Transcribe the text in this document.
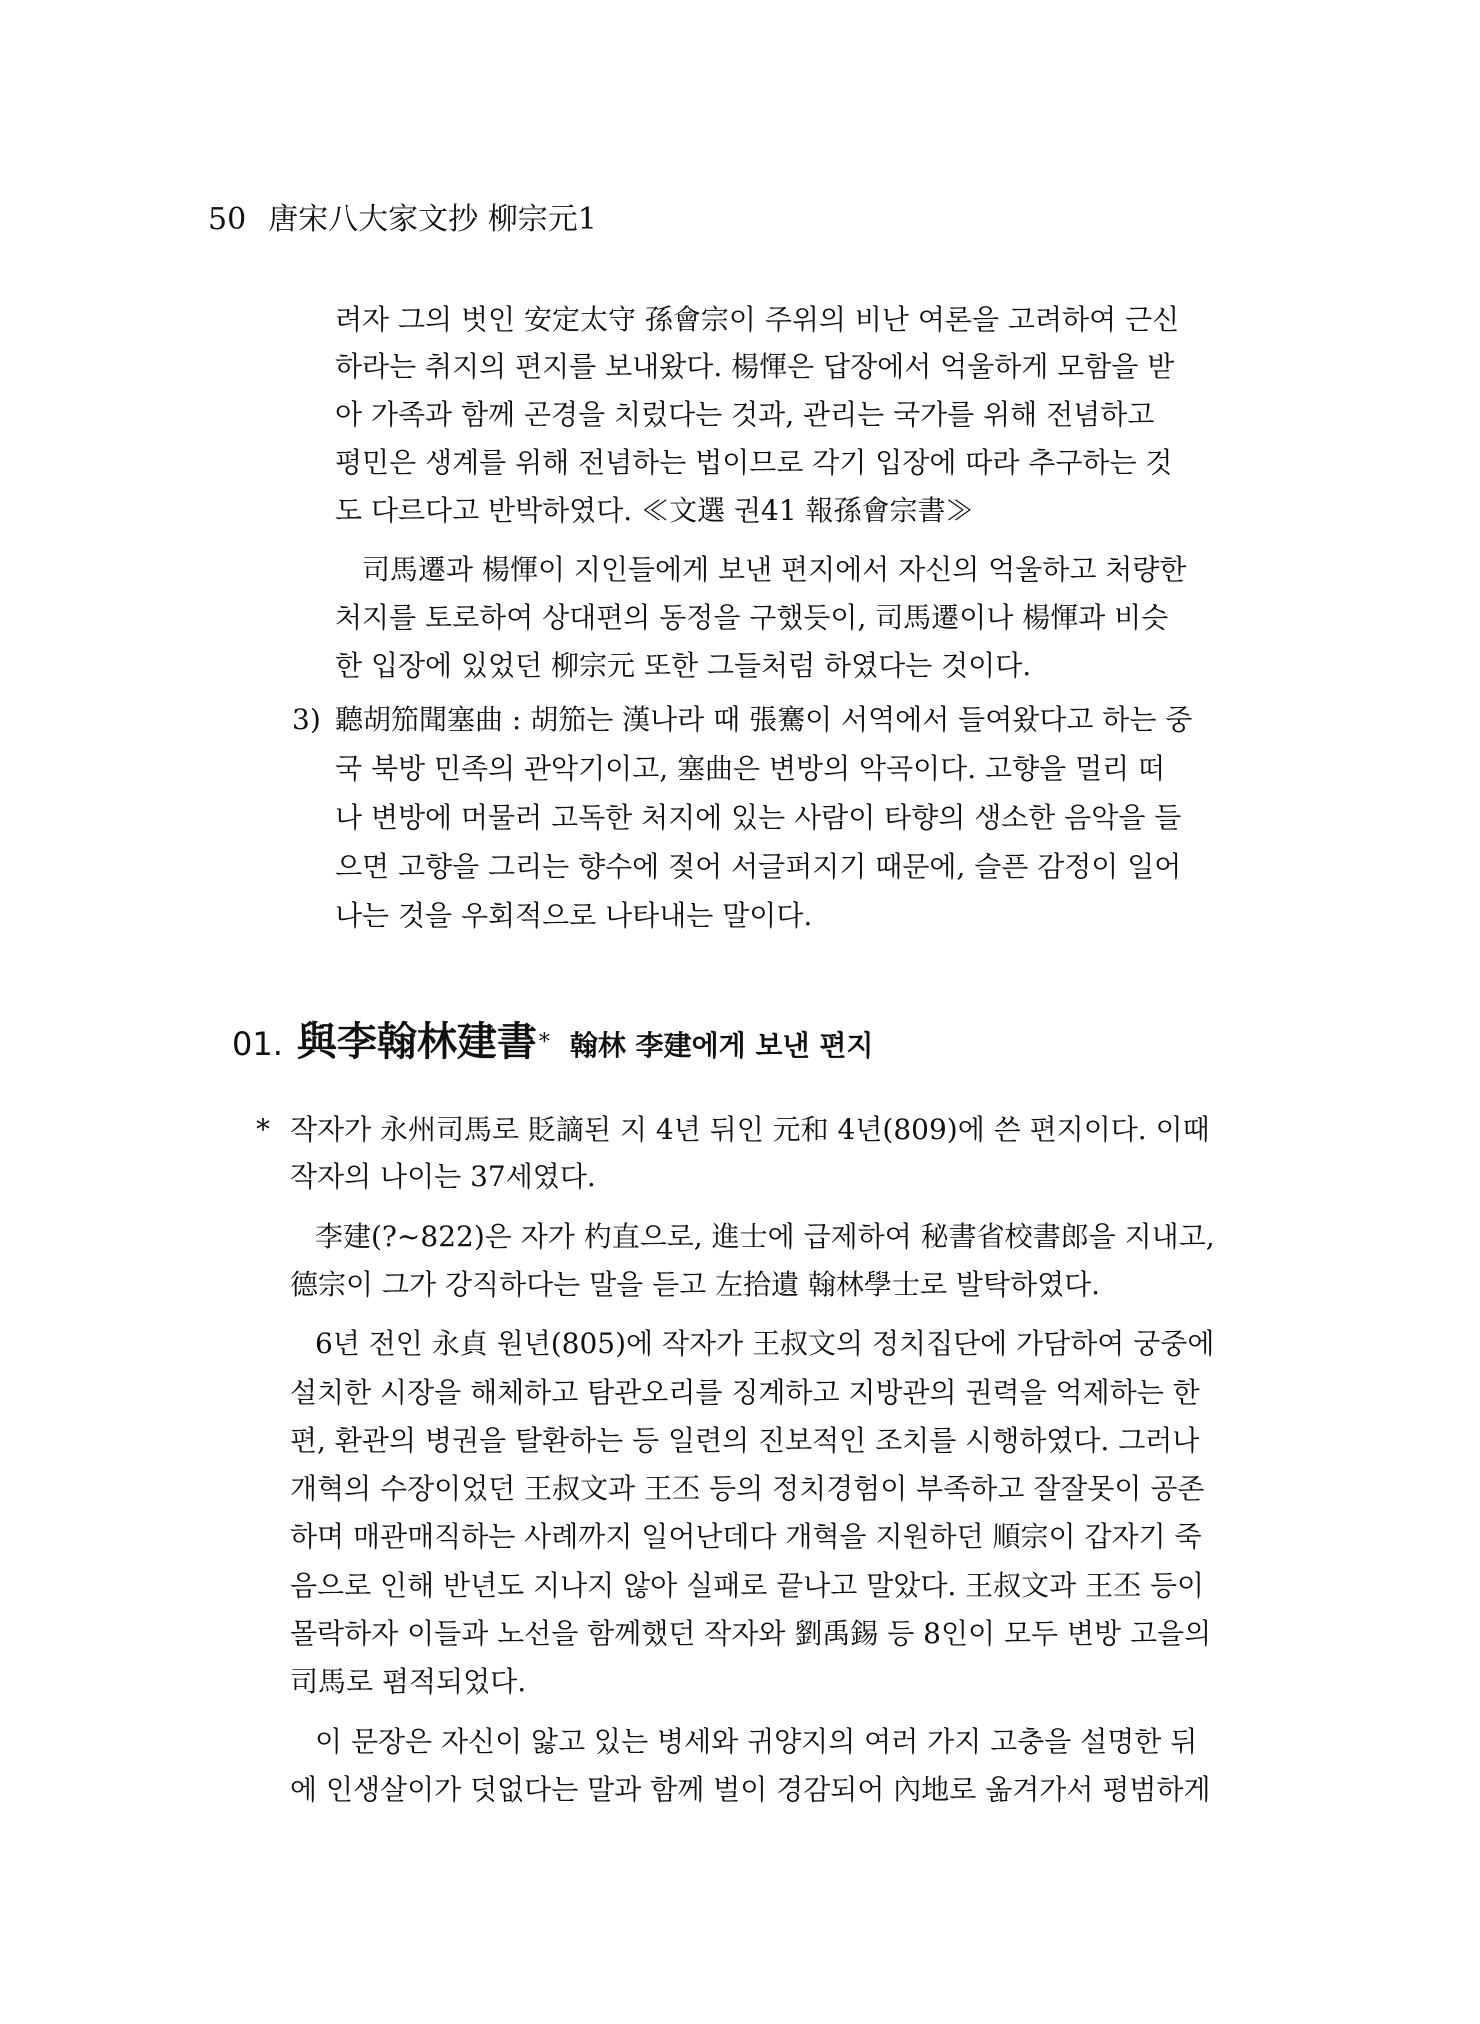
50 唐宋八大家文抄 柳宗元1
려자 그의 벗인 安定太守 孫會宗이 주위의 비난 여론을 고려하여 근신
하라는 취지의 편지를 보내왔다. 楊惲은 답장에서 억울하게 모함을 받
아 가족과 함께 곤경을 치렀다는 것과, 관리는 국가를 위해 전념하고
평민은 생계를 위해 전념하는 법이므로 각기 입장에 따라 추구하는 것
도 다르다고 반박하였다. ≪文選 권41 報孫會宗書≫
司馬遷과 楊惲이 지인들에게 보낸 편지에서 자신의 억울하고 처량한
처지를 토로하여 상대편의 동정을 구했듯이, 司馬遷이나 楊惲과 비슷
한 입장에 있었던 柳宗元 또한 그들처럼 하였다는 것이다.
3) 聽胡笳聞塞曲 : 胡笳는 漢나라 때 張騫이 서역에서 들여왔다고 하는 중
국 북방 민족의 관악기이고, 塞曲은 변방의 악곡이다. 고향을 멀리 떠
나 변방에 머물러 고독한 처지에 있는 사람이 타향의 생소한 음악을 들
으면 고향을 그리는 향수에 젖어 서글퍼지기 때문에, 슬픈 감정이 일어
나는 것을 우회적으로 나타내는 말이다.
01. 與李翰林建書* 翰林 李建에게 보낸 편지
* 작자가 永州司馬로 貶謫된 지 4년 뒤인 元和 4년(809)에 쓴 편지이다. 이때
작자의 나이는 37세였다.
李建(?~822)은 자가 杓直으로, 進士에 급제하여 秘書省校書郎을 지내고,
德宗이 그가 강직하다는 말을 듣고 左拾遺 翰林學士로 발탁하였다.
6년 전인 永貞 원년(805)에 작자가 王叔文의 정치집단에 가담하여 궁중에
설치한 시장을 해체하고 탐관오리를 징계하고 지방관의 권력을 억제하는 한
편, 환관의 병권을 탈환하는 등 일련의 진보적인 조치를 시행하였다. 그러나
개혁의 수장이었던 王叔文과 王丕 등의 정치경험이 부족하고 잘잘못이 공존
하며 매관매직하는 사례까지 일어난데다 개혁을 지원하던 順宗이 갑자기 죽
음으로 인해 반년도 지나지 않아 실패로 끝나고 말았다. 王叔文과 王丕 등이
몰락하자 이들과 노선을 함께했던 작자와 劉禹錫 등 8인이 모두 변방 고을의
司馬로 폄적되었다.
이 문장은 자신이 앓고 있는 병세와 귀양지의 여러 가지 고충을 설명한 뒤
에 인생살이가 덧없다는 말과 함께 벌이 경감되어 內地로 옮겨가서 평범하게
